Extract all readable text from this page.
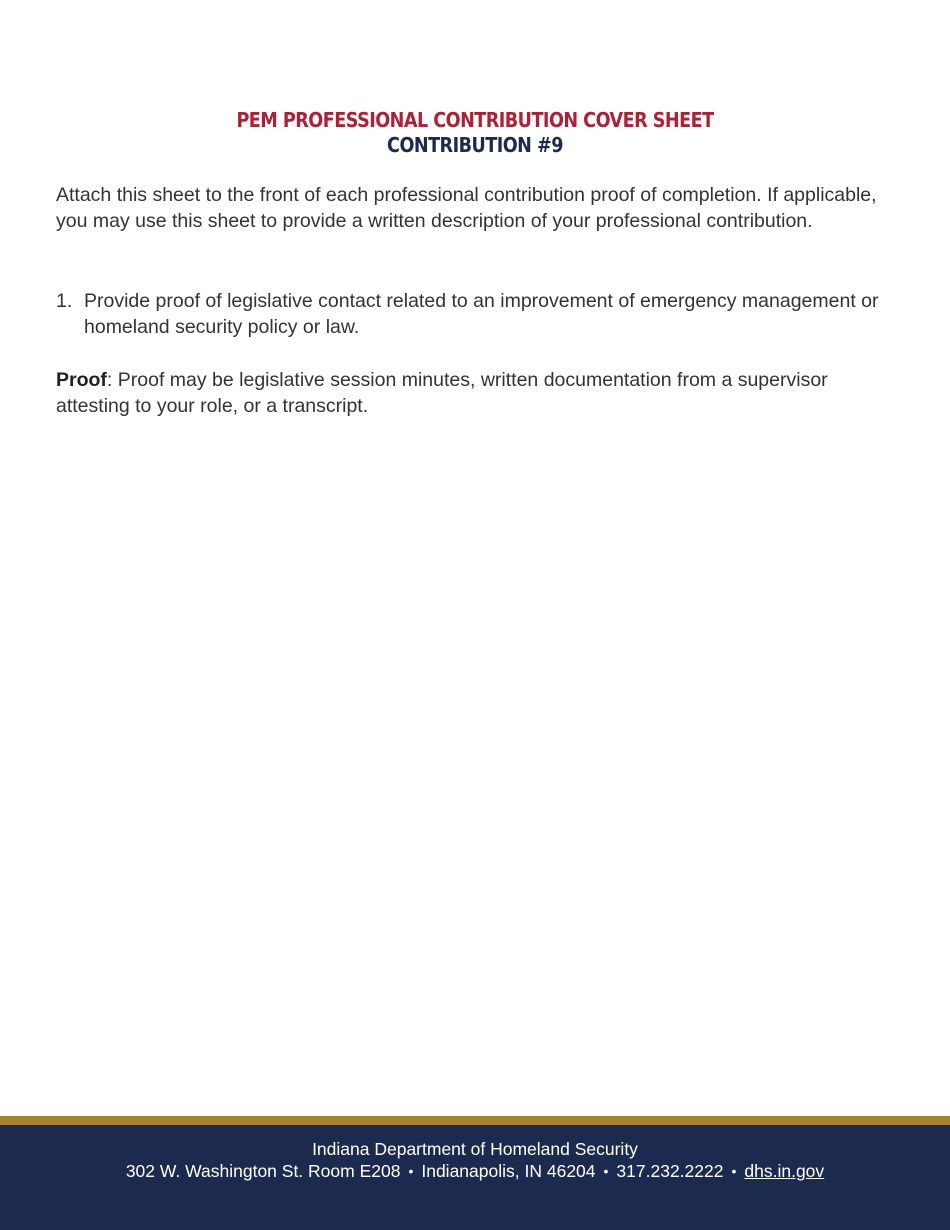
PEM PROFESSIONAL CONTRIBUTION COVER SHEET
CONTRIBUTION #9
Attach this sheet to the front of each professional contribution proof of completion. If applicable, you may use this sheet to provide a written description of your professional contribution.
1. Provide proof of legislative contact related to an improvement of emergency management or homeland security policy or law.
Proof: Proof may be legislative session minutes, written documentation from a supervisor attesting to your role, or a transcript.
Indiana Department of Homeland Security
302 W. Washington St. Room E208 • Indianapolis, IN 46204 • 317.232.2222 • dhs.in.gov
